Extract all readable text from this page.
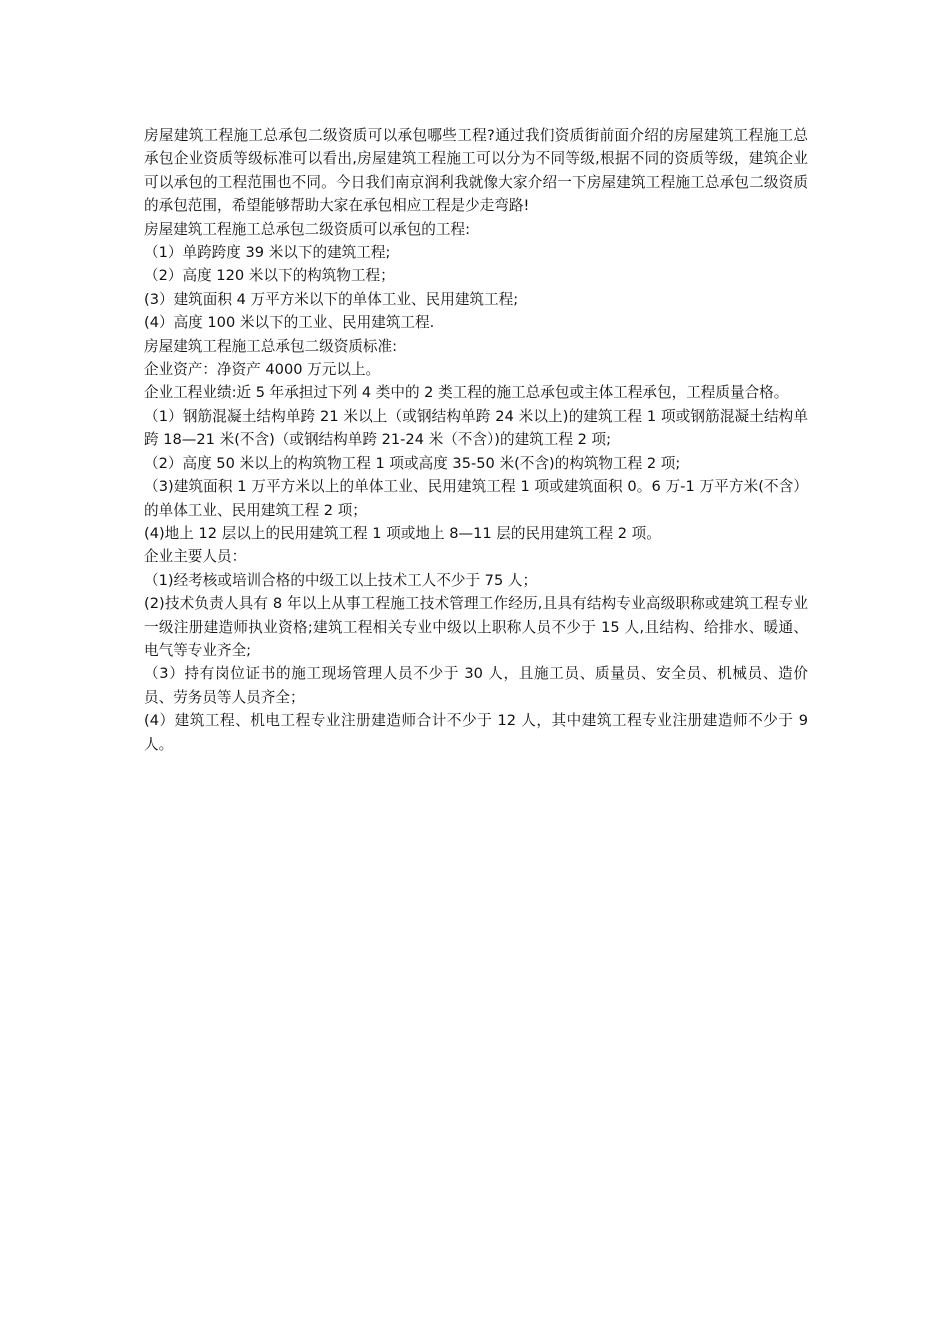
房屋建筑工程施工总承包二级资质可以承包哪些工程?通过我们资质街前面介绍的房屋建筑工程施工总承包企业资质等级标准可以看出,房屋建筑工程施工可以分为不同等级,根据不同的资质等级，建筑企业可以承包的工程范围也不同。今日我们南京润利我就像大家介绍一下房屋建筑工程施工总承包二级资质的承包范围，希望能够帮助大家在承包相应工程是少走弯路!

房屋建筑工程施工总承包二级资质可以承包的工程:

（1）单跨跨度 39 米以下的建筑工程;

（2）高度 120 米以下的构筑物工程；

(3）建筑面积 4 万平方米以下的单体工业、民用建筑工程;

(4）高度 100 米以下的工业、民用建筑工程.

房屋建筑工程施工总承包二级资质标准:

企业资产：净资产 4000 万元以上。

企业工程业绩:近 5 年承担过下列 4 类中的 2 类工程的施工总承包或主体工程承包，工程质量合格。

（1）钢筋混凝土结构单跨 21 米以上（或钢结构单跨 24 米以上)的建筑工程 1 项或钢筋混凝土结构单跨 18—21 米(不含)（或钢结构单跨 21-24 米（不含）)的建筑工程 2 项;

（2）高度 50 米以上的构筑物工程 1 项或高度 35-50 米(不含)的构筑物工程 2 项;

（3)建筑面积 1 万平方米以上的单体工业、民用建筑工程 1 项或建筑面积 0。6 万-1 万平方米(不含）的单体工业、民用建筑工程 2 项；

(4)地上 12 层以上的民用建筑工程 1 项或地上 8—11 层的民用建筑工程 2 项。

企业主要人员：

（1)经考核或培训合格的中级工以上技术工人不少于 75 人；

(2)技术负责人具有 8 年以上从事工程施工技术管理工作经历,且具有结构专业高级职称或建筑工程专业一级注册建造师执业资格;建筑工程相关专业中级以上职称人员不少于 15 人,且结构、给排水、暖通、电气等专业齐全;

（3）持有岗位证书的施工现场管理人员不少于 30 人，且施工员、质量员、安全员、机械员、造价员、劳务员等人员齐全；

(4）建筑工程、机电工程专业注册建造师合计不少于 12 人，其中建筑工程专业注册建造师不少于 9 人。
